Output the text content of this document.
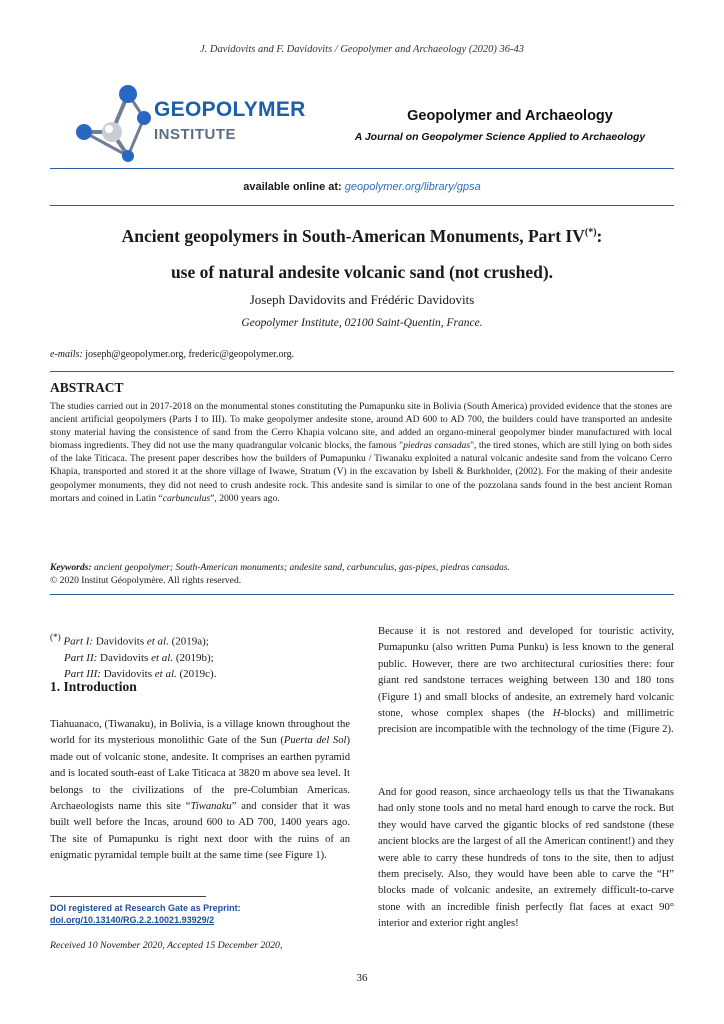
J. Davidovits and F. Davidovits / Geopolymer and Archaeology (2020) 36-43
GEOPOLYMER
INSTITUTE
Geopolymer and Archaeology
A Journal on Geopolymer Science Applied to Archaeology
available online at: geopolymer.org/library/gpsa
Ancient geopolymers in South-American Monuments, Part IV(*):
use of natural andesite volcanic sand (not crushed).
Joseph Davidovits and Frédéric Davidovits
Geopolymer Institute, 02100 Saint-Quentin, France.
e-mails: joseph@geopolymer.org, frederic@geopolymer.org.
ABSTRACT
The studies carried out in 2017-2018 on the monumental stones constituting the Pumapunku site in Bolivia (South America) provided evidence that the stones are ancient artificial geopolymers (Parts I to III). To make geopolymer andesite stone, around AD 600 to AD 700, the builders could have transported an andesite stony material having the consistence of sand from the Cerro Khapia volcano site, and added an organo-mineral geopolymer binder manufactured with local biomass ingredients. They did not use the many quadrangular volcanic blocks, the famous "piedras cansadas", the tired stones, which are still lying on both sides of the lake Titicaca. The present paper describes how the builders of Pumapunku / Tiwanaku exploited a natural volcanic andesite sand from the volcano Cerro Khapia, transported and stored it at the shore village of Iwawe, Stratum (V) in the excavation by Isbell & Burkholder, (2002). For the making of their andesite geopolymer monuments, they did not need to crush andesite rock. This andesite sand is similar to one of the pozzolana sands found in the best ancient Roman mortars and coined in Latin “carbunculus”, 2000 years ago.
Keywords: ancient geopolymer; South-American monuments; andesite sand, carbunculus, gas-pipes, piedras cansadas.
© 2020 Institut Géopolymère. All rights reserved.
(*) Part I: Davidovits et al. (2019a);
Part II: Davidovits et al. (2019b);
Part III: Davidovits et al. (2019c).
1. Introduction
Tiahuanaco, (Tiwanaku), in Bolivia, is a village known throughout the world for its mysterious monolithic Gate of the Sun (Puerta del Sol) made out of volcanic stone, andesite. It comprises an earthen pyramid and is located south-east of Lake Titicaca at 3820 m above sea level. It belongs to the civilizations of the pre-Columbian Americas. Archaeologists name this site “Tiwanaku” and consider that it was built well before the Incas, around 600 to AD 700, 1400 years ago. The site of Pumapunku is right next door with the ruins of an enigmatic pyramidal temple built at the same time (see Figure 1).
DOI registered at Research Gate as Preprint:
doi.org/10.13140/RG.2.2.10021.93929/2
Received 10 November 2020, Accepted 15 December 2020,
Because it is not restored and developed for touristic activity, Pumapunku (also written Puma Punku) is less known to the general public. However, there are two architectural curiosities there: four giant red sandstone terraces weighing between 130 and 180 tons (Figure 1) and small blocks of andesite, an extremely hard volcanic stone, whose complex shapes (the H-blocks) and millimetric precision are incompatible with the technology of the time (Figure 2).
And for good reason, since archaeology tells us that the Tiwanakans had only stone tools and no metal hard enough to carve the rock. But they would have carved the gigantic blocks of red sandstone (these ancient blocks are the largest of all the American continent!) and they were able to carry these hundreds of tons to the site, then to adjust them precisely. Also, they would have been able to carve the “H” blocks made of volcanic andesite, an extremely difficult-to-carve stone with an incredible finish perfectly flat faces at exact 90° interior and exterior right angles!
36
